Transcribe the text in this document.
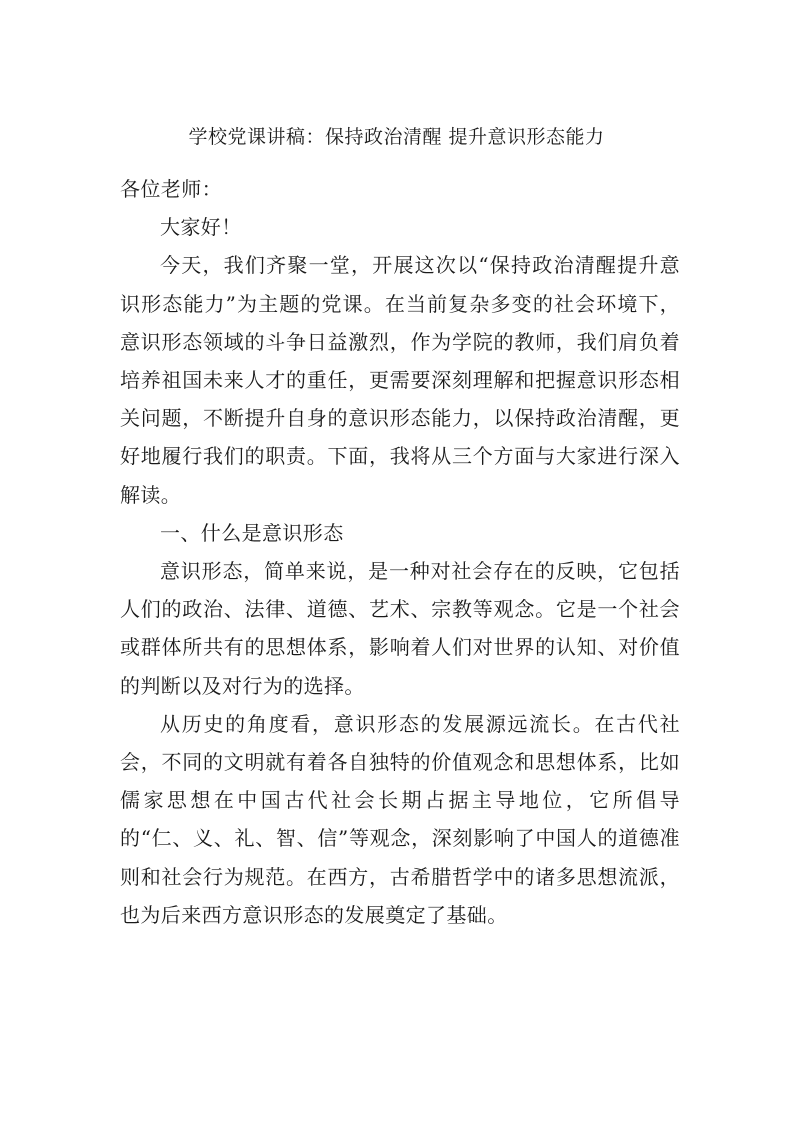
学校党课讲稿：保持政治清醒 提升意识形态能力

各位老师：

大家好！

今天，我们齐聚一堂，开展这次以“保持政治清醒提升意识形态能力”为主题的党课。在当前复杂多变的社会环境下，意识形态领域的斗争日益激烈，作为学院的教师，我们肩负着培养祖国未来人才的重任，更需要深刻理解和把握意识形态相关问题，不断提升自身的意识形态能力，以保持政治清醒，更好地履行我们的职责。下面，我将从三个方面与大家进行深入解读。

一、什么是意识形态

意识形态，简单来说，是一种对社会存在的反映，它包括人们的政治、法律、道德、艺术、宗教等观念。它是一个社会或群体所共有的思想体系，影响着人们对世界的认知、对价值的判断以及对行为的选择。

从历史的角度看，意识形态的发展源远流长。在古代社会，不同的文明就有着各自独特的价值观念和思想体系，比如儒家思想在中国古代社会长期占据主导地位，它所倡导的“仁、义、礼、智、信”等观念，深刻影响了中国人的道德准则和社会行为规范。在西方，古希腊哲学中的诸多思想流派，也为后来西方意识形态的发展奠定了基础。
